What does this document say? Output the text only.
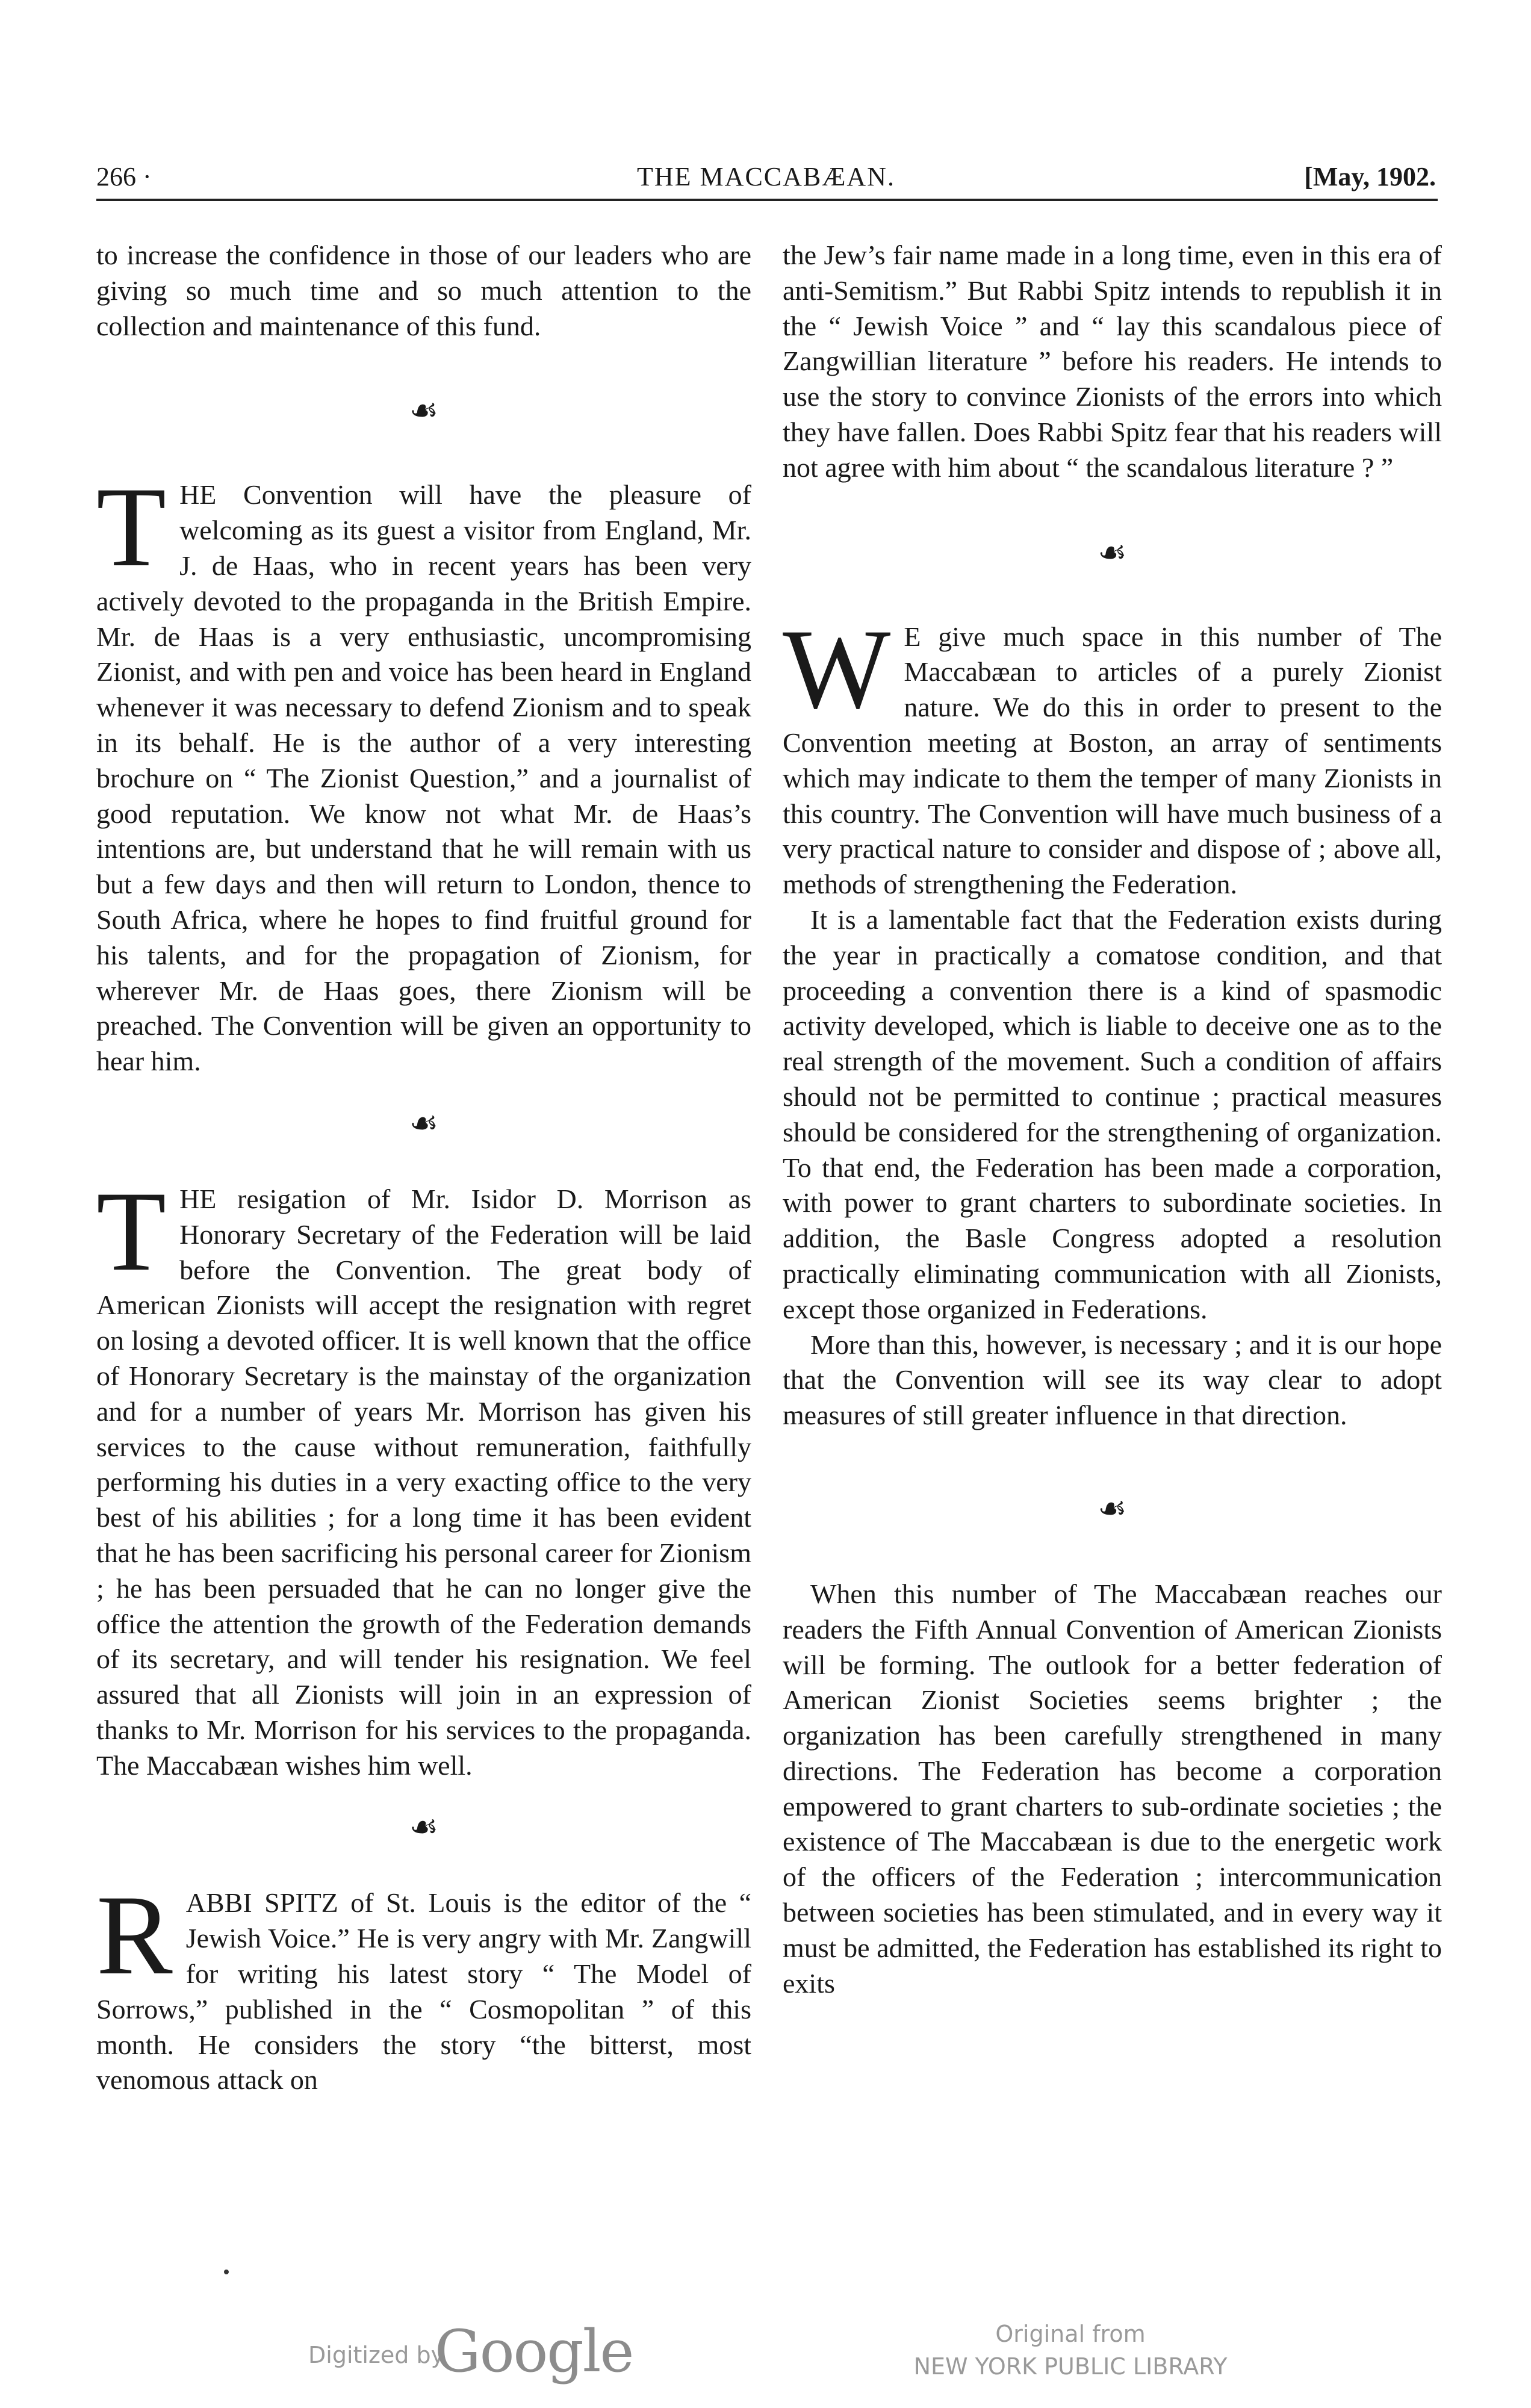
266 ·	THE MACCABÆAN.	[May, 1902.

to increase the confidence in those of our leaders who are giving so much time and so much attention to the collection and maintenance of this fund.

☙

THE Convention will have the pleasure of welcoming as its guest a visitor from England, Mr. J. de Haas, who in recent years has been very actively devoted to the propaganda in the British Empire. Mr. de Haas is a very enthusiastic, uncompromising Zionist, and with pen and voice has been heard in England whenever it was necessary to defend Zionism and to speak in its behalf. He is the author of a very interesting brochure on “ The Zionist Question,” and a journalist of good reputation. We know not what Mr. de Haas’s intentions are, but understand that he will remain with us but a few days and then will return to London, thence to South Africa, where he hopes to find fruitful ground for his talents, and for the propagation of Zionism, for wherever Mr. de Haas goes, there Zionism will be preached. The Convention will be given an opportunity to hear him.

☙

THE resigation of Mr. Isidor D. Morrison as Honorary Secretary of the Federation will be laid before the Convention. The great body of American Zionists will accept the resignation with regret on losing a devoted officer. It is well known that the office of Honorary Secretary is the mainstay of the organization and for a number of years Mr. Morrison has given his services to the cause without remuneration, faithfully performing his duties in a very exacting office to the very best of his abilities ; for a long time it has been evident that he has been sacrificing his personal career for Zionism ; he has been persuaded that he can no longer give the office the attention the growth of the Federation demands of its secretary, and will tender his resignation. We feel assured that all Zionists will join in an expression of thanks to Mr. Morrison for his services to the propaganda. The Maccabæan wishes him well.

☙

RABBI SPITZ of St. Louis is the editor of the “ Jewish Voice.” He is very angry with Mr. Zangwill for writing his latest story “ The Model of Sorrows,” published in the “ Cosmopolitan ” of this month. He considers the story “the bitterst, most venomous attack on

the Jew’s fair name made in a long time, even in this era of anti-Semitism.” But Rabbi Spitz intends to republish it in the “ Jewish Voice ” and “ lay this scandalous piece of Zangwillian literature ” before his readers. He intends to use the story to convince Zionists of the errors into which they have fallen. Does Rabbi Spitz fear that his readers will not agree with him about “ the scandalous literature ? ”

☙

W E give much space in this number of The Maccabæan to articles of a purely Zionist nature. We do this in order to present to the Convention meeting at Boston, an array of sentiments which may indicate to them the temper of many Zionists in this country. The Convention will have much business of a very practical nature to consider and dispose of ; above all, methods of strengthening the Federation.

It is a lamentable fact that the Federation exists during the year in practically a comatose condition, and that proceeding a convention there is a kind of spasmodic activity developed, which is liable to deceive one as to the real strength of the movement. Such a condition of affairs should not be permitted to continue ; practical measures should be considered for the strengthening of organization. To that end, the Federation has been made a corporation, with power to grant charters to subordinate societies. In addition, the Basle Congress adopted a resolution practically eliminating communication with all Zionists, except those organized in Federations.

More than this, however, is necessary ; and it is our hope that the Convention will see its way clear to adopt measures of still greater influence in that direction.

☙

When this number of The Maccabæan reaches our readers the Fifth Annual Convention of American Zionists will be forming. The outlook for a better federation of American Zionist Societies seems brighter ; the organization has been carefully strengthened in many directions. The Federation has become a corporation empowered to grant charters to sub-ordinate societies ; the existence of The Maccabæan is due to the energetic work of the officers of the Federation ; intercommunication between societies has been stimulated, and in every way it must be admitted, the Federation has established its right to exits

Digitized by
Google	Original from
NEW YORK PUBLIC LIBRARY
